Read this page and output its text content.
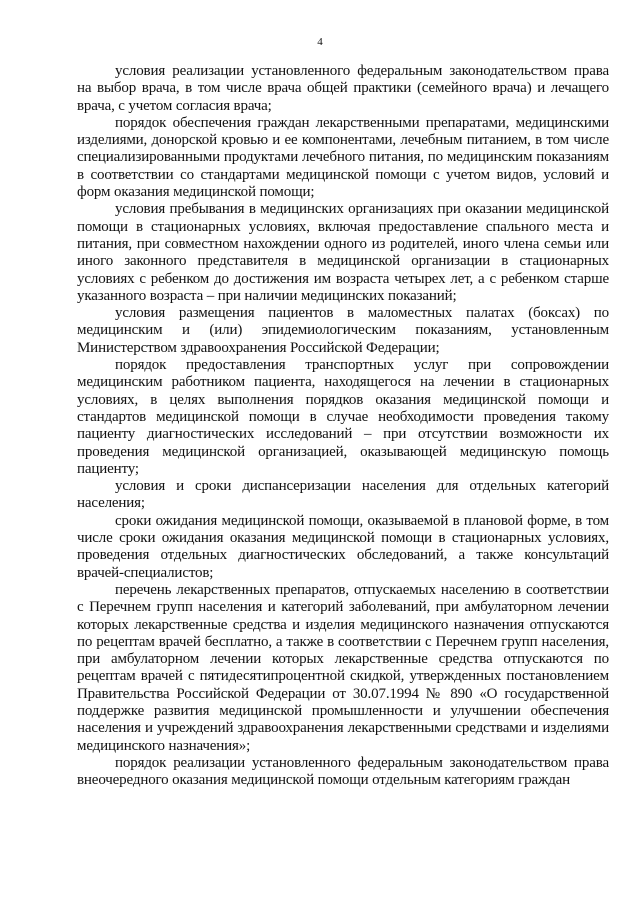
4

условия реализации установленного федеральным законодательством права на выбор врача, в том числе врача общей практики (семейного врача) и лечащего врача, с учетом согласия врача;

порядок обеспечения граждан лекарственными препаратами, медицинскими изделиями, донорской кровью и ее компонентами, лечебным питанием, в том числе специализированными продуктами лечебного питания, по медицинским показаниям в соответствии со стандартами медицинской помощи с учетом видов, условий и форм оказания медицинской помощи;

условия пребывания в медицинских организациях при оказании медицинской помощи в стационарных условиях, включая предоставление спального места и питания, при совместном нахождении одного из родителей, иного члена семьи или иного законного представителя в медицинской организации в стационарных условиях с ребенком до достижения им возраста четырех лет, а с ребенком старше указанного возраста – при наличии медицинских показаний;

условия размещения пациентов в маломестных палатах (боксах) по медицинским и (или) эпидемиологическим показаниям, установленным Министерством здравоохранения Российской Федерации;

порядок предоставления транспортных услуг при сопровождении медицинским работником пациента, находящегося на лечении в стационарных условиях, в целях выполнения порядков оказания медицинской помощи и стандартов медицинской помощи в случае необходимости проведения такому пациенту диагностических исследований – при отсутствии возможности их проведения медицинской организацией, оказывающей медицинскую помощь пациенту;

условия и сроки диспансеризации населения для отдельных категорий населения;

сроки ожидания медицинской помощи, оказываемой в плановой форме, в том числе сроки ожидания оказания медицинской помощи в стационарных условиях, проведения отдельных диагностических обследований, а также консультаций врачей-специалистов;

перечень лекарственных препаратов, отпускаемых населению в соответствии с Перечнем групп населения и категорий заболеваний, при амбулаторном лечении которых лекарственные средства и изделия медицинского назначения отпускаются по рецептам врачей бесплатно, а также в соответствии с Перечнем групп населения, при амбулаторном лечении которых лекарственные средства отпускаются по рецептам врачей с пятидесятипроцентной скидкой, утвержденных постановлением Правительства Российской Федерации от 30.07.1994 № 890 «О государственной поддержке развития медицинской промышленности и улучшении обеспечения населения и учреждений здравоохранения лекарственными средствами и изделиями медицинского назначения»;

порядок реализации установленного федеральным законодательством права внеочередного оказания медицинской помощи отдельным категориям граждан
